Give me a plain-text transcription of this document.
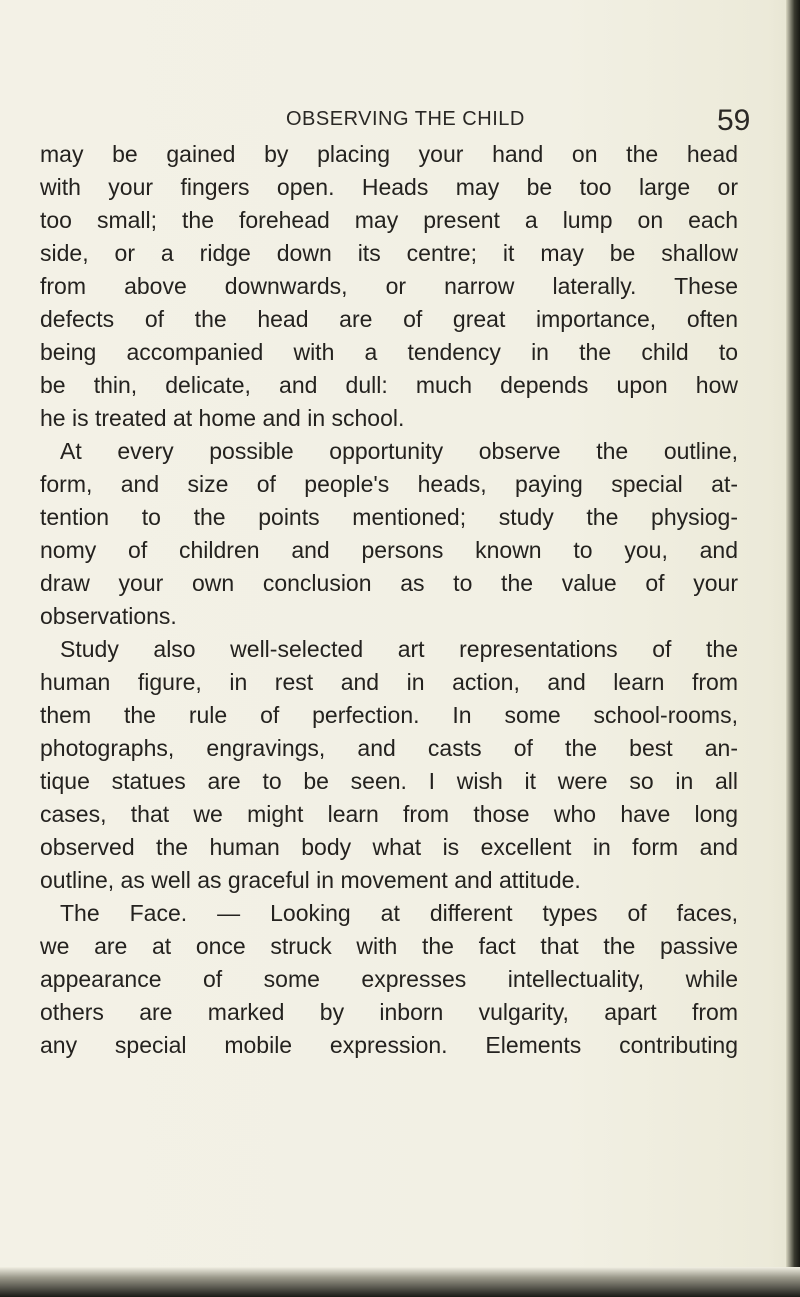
OBSERVING THE CHILD	59
may be gained by placing your hand on the head
with your fingers open. Heads may be too large or
too small; the forehead may present a lump on each
side, or a ridge down its centre; it may be shallow
from above downwards, or narrow laterally. These
defects of the head are of great importance, often
being accompanied with a tendency in the child to
be thin, delicate, and dull: much depends upon how
he is treated at home and in school.
At every possible opportunity observe the outline,
form, and size of people's heads, paying special at-
tention to the points mentioned; study the physiog-
nomy of children and persons known to you, and
draw your own conclusion as to the value of your
observations.
Study also well-selected art representations of the
human figure, in rest and in action, and learn from
them the rule of perfection. In some school-rooms,
photographs, engravings, and casts of the best an-
tique statues are to be seen. I wish it were so in all
cases, that we might learn from those who have long
observed the human body what is excellent in form and
outline, as well as graceful in movement and attitude.
The Face. — Looking at different types of faces,
we are at once struck with the fact that the passive
appearance of some expresses intellectuality, while
others are marked by inborn vulgarity, apart from
any special mobile expression. Elements contributing
